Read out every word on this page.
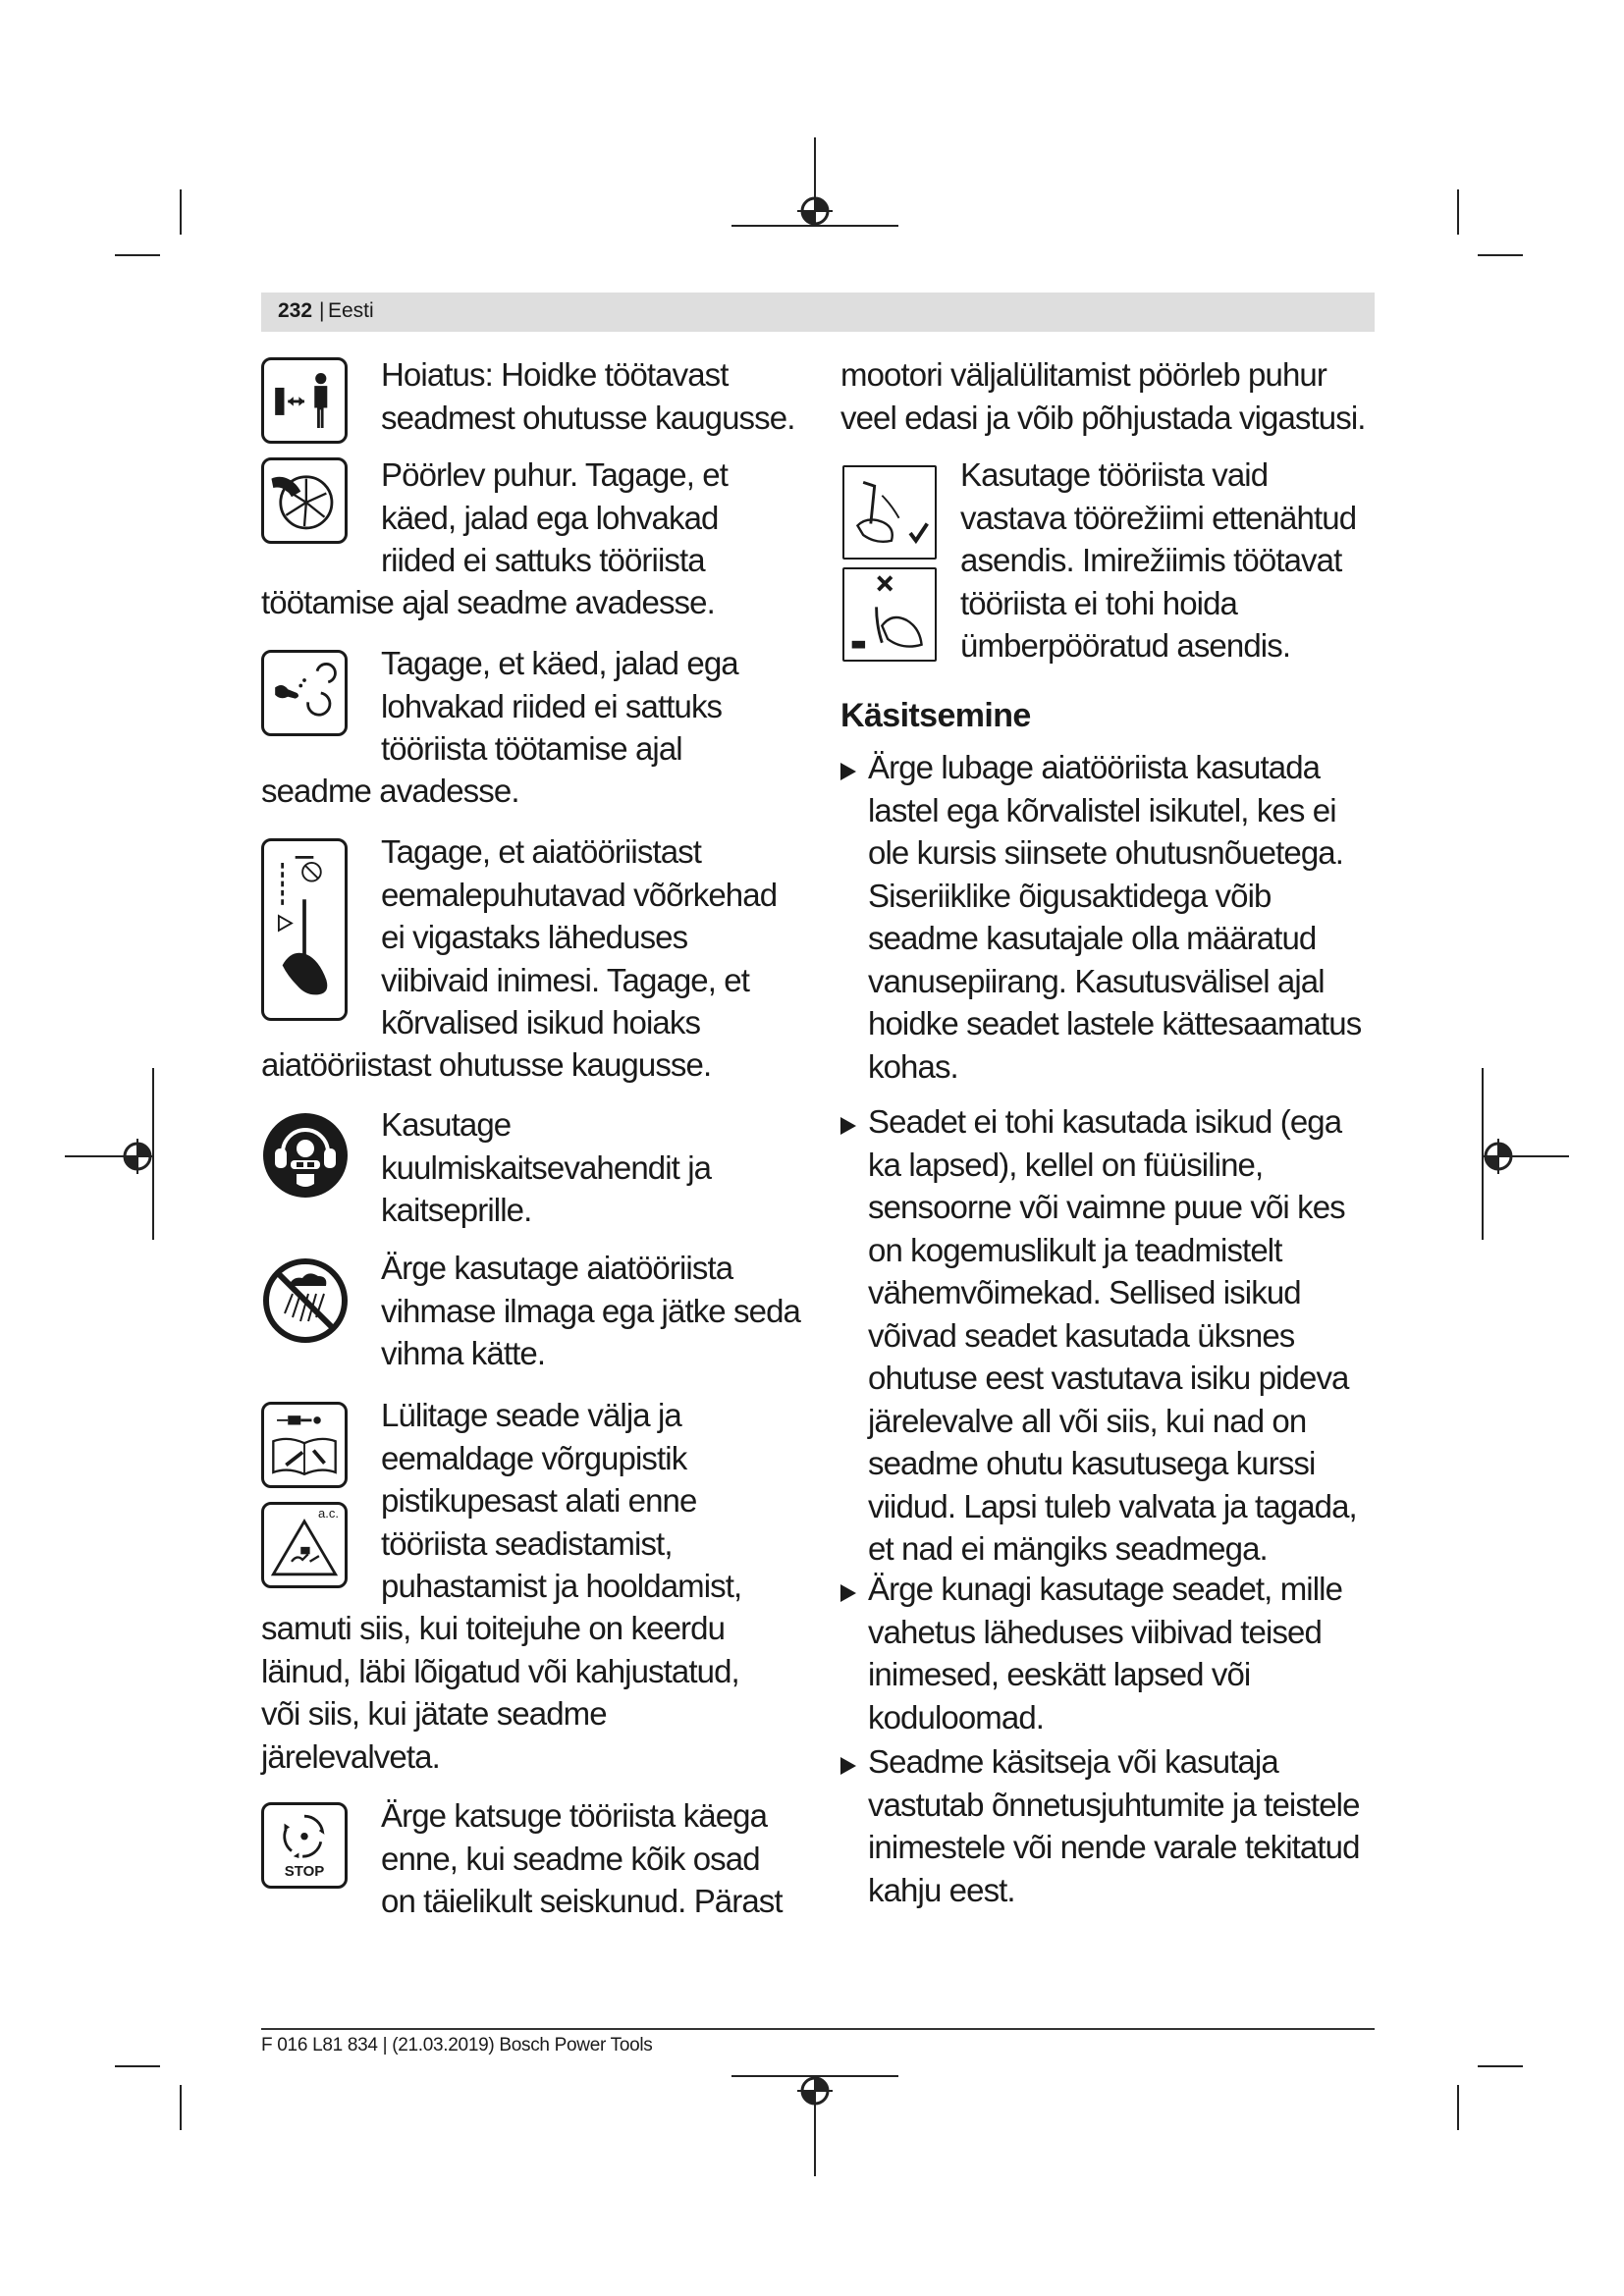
232 | Eesti

Hoiatus: Hoidke töötavast

seadmest ohutusse kaugusse.

Pöörlev puhur. Tagage, et

käed, jalad ega lohvakad

riided ei sattuks tööriista

töötamise ajal seadme avadesse.

Tagage, et käed, jalad ega

lohvakad riided ei sattuks

tööriista töötamise ajal

seadme avadesse.

Tagage, et aiatööriistast

eemalepuhutavad võõrkehad

ei vigastaks läheduses

viibivaid inimesi. Tagage, et

kõrvalised isikud hoiaks

aiatööriistast ohutusse kaugusse.

Kasutage

kuulmiskaitsevahendit ja

kaitseprille.

Ärge kasutage aiatööriista

vihmase ilmaga ega jätke seda

vihma kätte.

a.c.

Lülitage seade välja ja

eemaldage võrgupistik

pistikupesast alati enne

tööriista seadistamist,

puhastamist ja hooldamist,

samuti siis, kui toitejuhe on keerdu

läinud, läbi lõigatud või kahjustatud,

või siis, kui jätate seadme

järelevalveta.

STOP

Ärge katsuge tööriista käega

enne, kui seadme kõik osad

on täielikult seiskunud. Pärast

mootori väljalülitamist pöörleb puhur

veel edasi ja võib põhjustada vigastusi.

Kasutage tööriista vaid

vastava töörežiimi ettenähtud

asendis. Imirežiimis töötavat

tööriista ei tohi hoida

ümberpööratud asendis.

Käsitsemine

Ärge lubage aiatööriista kasutada

lastel ega kõrvalistel isikutel, kes ei

ole kursis siinsete ohutusnõuetega.

Siseriiklike õigusaktidega võib

seadme kasutajale olla määratud

vanusepiirang. Kasutusvälisel ajal

hoidke seadet lastele kättesaamatus

kohas.

Seadet ei tohi kasutada isikud (ega

ka lapsed), kellel on füüsiline,

sensoorne või vaimne puue või kes

on kogemuslikult ja teadmistelt

vähemvõimekad. Sellised isikud

võivad seadet kasutada üksnes

ohutuse eest vastutava isiku pideva

järelevalve all või siis, kui nad on

seadme ohutu kasutusega kurssi

viidud. Lapsi tuleb valvata ja tagada,

et nad ei mängiks seadmega.

Ärge kunagi kasutage seadet, mille

vahetus läheduses viibivad teised

inimesed, eeskätt lapsed või

koduloomad.

Seadme käsitseja või kasutaja

vastutab õnnetusjuhtumite ja teistele

inimestele või nende varale tekitatud

kahju eest.

F 016 L81 834 | (21.03.2019) Bosch Power Tools
